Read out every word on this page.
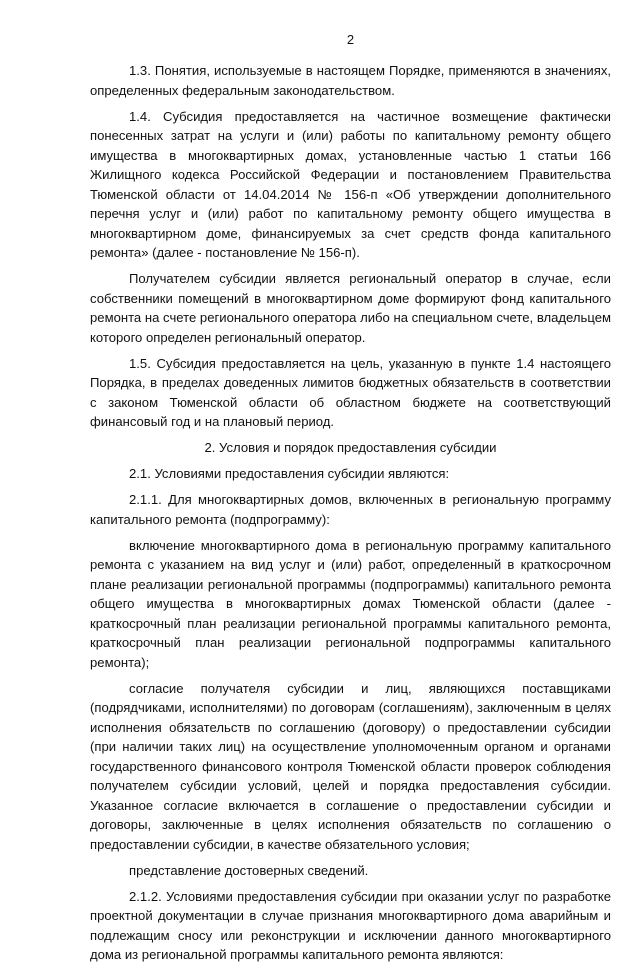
2

1.3. Понятия, используемые в настоящем Порядке, применяются в значениях, определенных федеральным законодательством.

1.4. Субсидия предоставляется на частичное возмещение фактически понесенных затрат на услуги и (или) работы по капитальному ремонту общего имущества в многоквартирных домах, установленные частью 1 статьи 166 Жилищного кодекса Российской Федерации и постановлением Правительства Тюменской области от 14.04.2014 № 156-п «Об утверждении дополнительного перечня услуг и (или) работ по капитальному ремонту общего имущества в многоквартирном доме, финансируемых за счет средств фонда капитального ремонта» (далее - постановление № 156-п).

Получателем субсидии является региональный оператор в случае, если собственники помещений в многоквартирном доме формируют фонд капитального ремонта на счете регионального оператора либо на специальном счете, владельцем которого определен региональный оператор.

1.5. Субсидия предоставляется на цель, указанную в пункте 1.4 настоящего Порядка, в пределах доведенных лимитов бюджетных обязательств в соответствии с законом Тюменской области об областном бюджете на соответствующий финансовый год и на плановый период.

2. Условия и порядок предоставления субсидии

2.1. Условиями предоставления субсидии являются:

2.1.1. Для многоквартирных домов, включенных в региональную программу капитального ремонта (подпрограмму):

включение многоквартирного дома в региональную программу капитального ремонта с указанием на вид услуг и (или) работ, определенный в краткосрочном плане реализации региональной программы (подпрограммы) капитального ремонта общего имущества в многоквартирных домах Тюменской области (далее - краткосрочный план реализации региональной программы капитального ремонта, краткосрочный план реализации региональной подпрограммы капитального ремонта);

согласие получателя субсидии и лиц, являющихся поставщиками (подрядчиками, исполнителями) по договорам (соглашениям), заключенным в целях исполнения обязательств по соглашению (договору) о предоставлении субсидии (при наличии таких лиц) на осуществление уполномоченным органом и органами государственного финансового контроля Тюменской области проверок соблюдения получателем субсидии условий, целей и порядка предоставления субсидии. Указанное согласие включается в соглашение о предоставлении субсидии и договоры, заключенные в целях исполнения обязательств по соглашению о предоставлении субсидии, в качестве обязательного условия;

представление достоверных сведений.

2.1.2. Условиями предоставления субсидии при оказании услуг по разработке проектной документации в случае признания многоквартирного дома аварийным и подлежащим сносу или реконструкции и исключении данного многоквартирного дома из региональной программы капитального ремонта являются:
